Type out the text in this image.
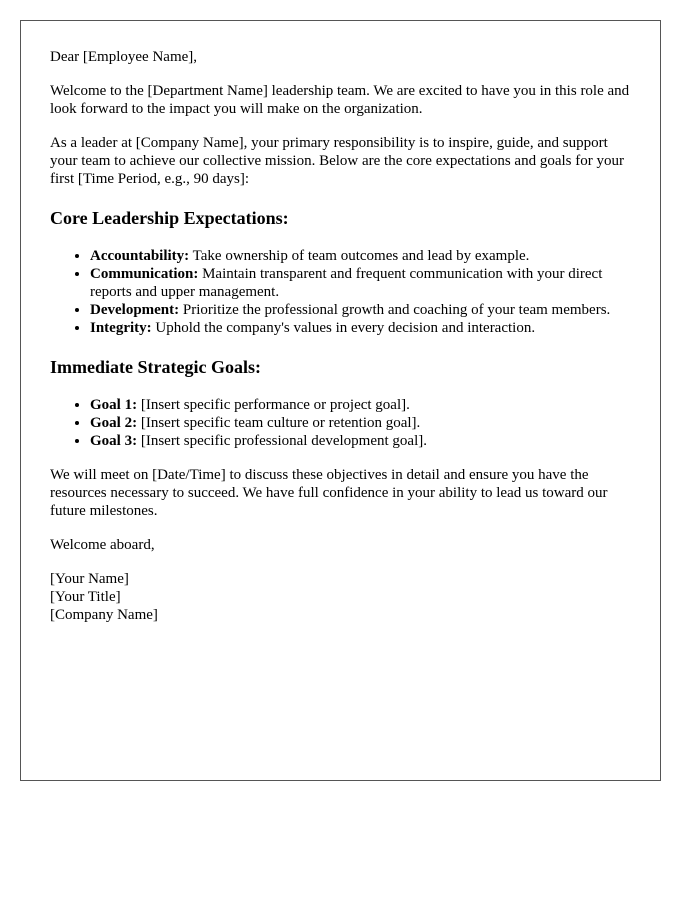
Dear [Employee Name],

Welcome to the [Department Name] leadership team. We are excited to have you in this role and look forward to the impact you will make on the organization.

As a leader at [Company Name], your primary responsibility is to inspire, guide, and support your team to achieve our collective mission. Below are the core expectations and goals for your first [Time Period, e.g., 90 days]:

Core Leadership Expectations:
• Accountability: Take ownership of team outcomes and lead by example.
• Communication: Maintain transparent and frequent communication with your direct reports and upper management.
• Development: Prioritize the professional growth and coaching of your team members.
• Integrity: Uphold the company's values in every decision and interaction.
Immediate Strategic Goals:
• Goal 1: [Insert specific performance or project goal].
• Goal 2: [Insert specific team culture or retention goal].
• Goal 3: [Insert specific professional development goal].

We will meet on [Date/Time] to discuss these objectives in detail and ensure you have the resources necessary to succeed. We have full confidence in your ability to lead us toward our future milestones.

Welcome aboard,

[Your Name]
[Your Title]
[Company Name]
